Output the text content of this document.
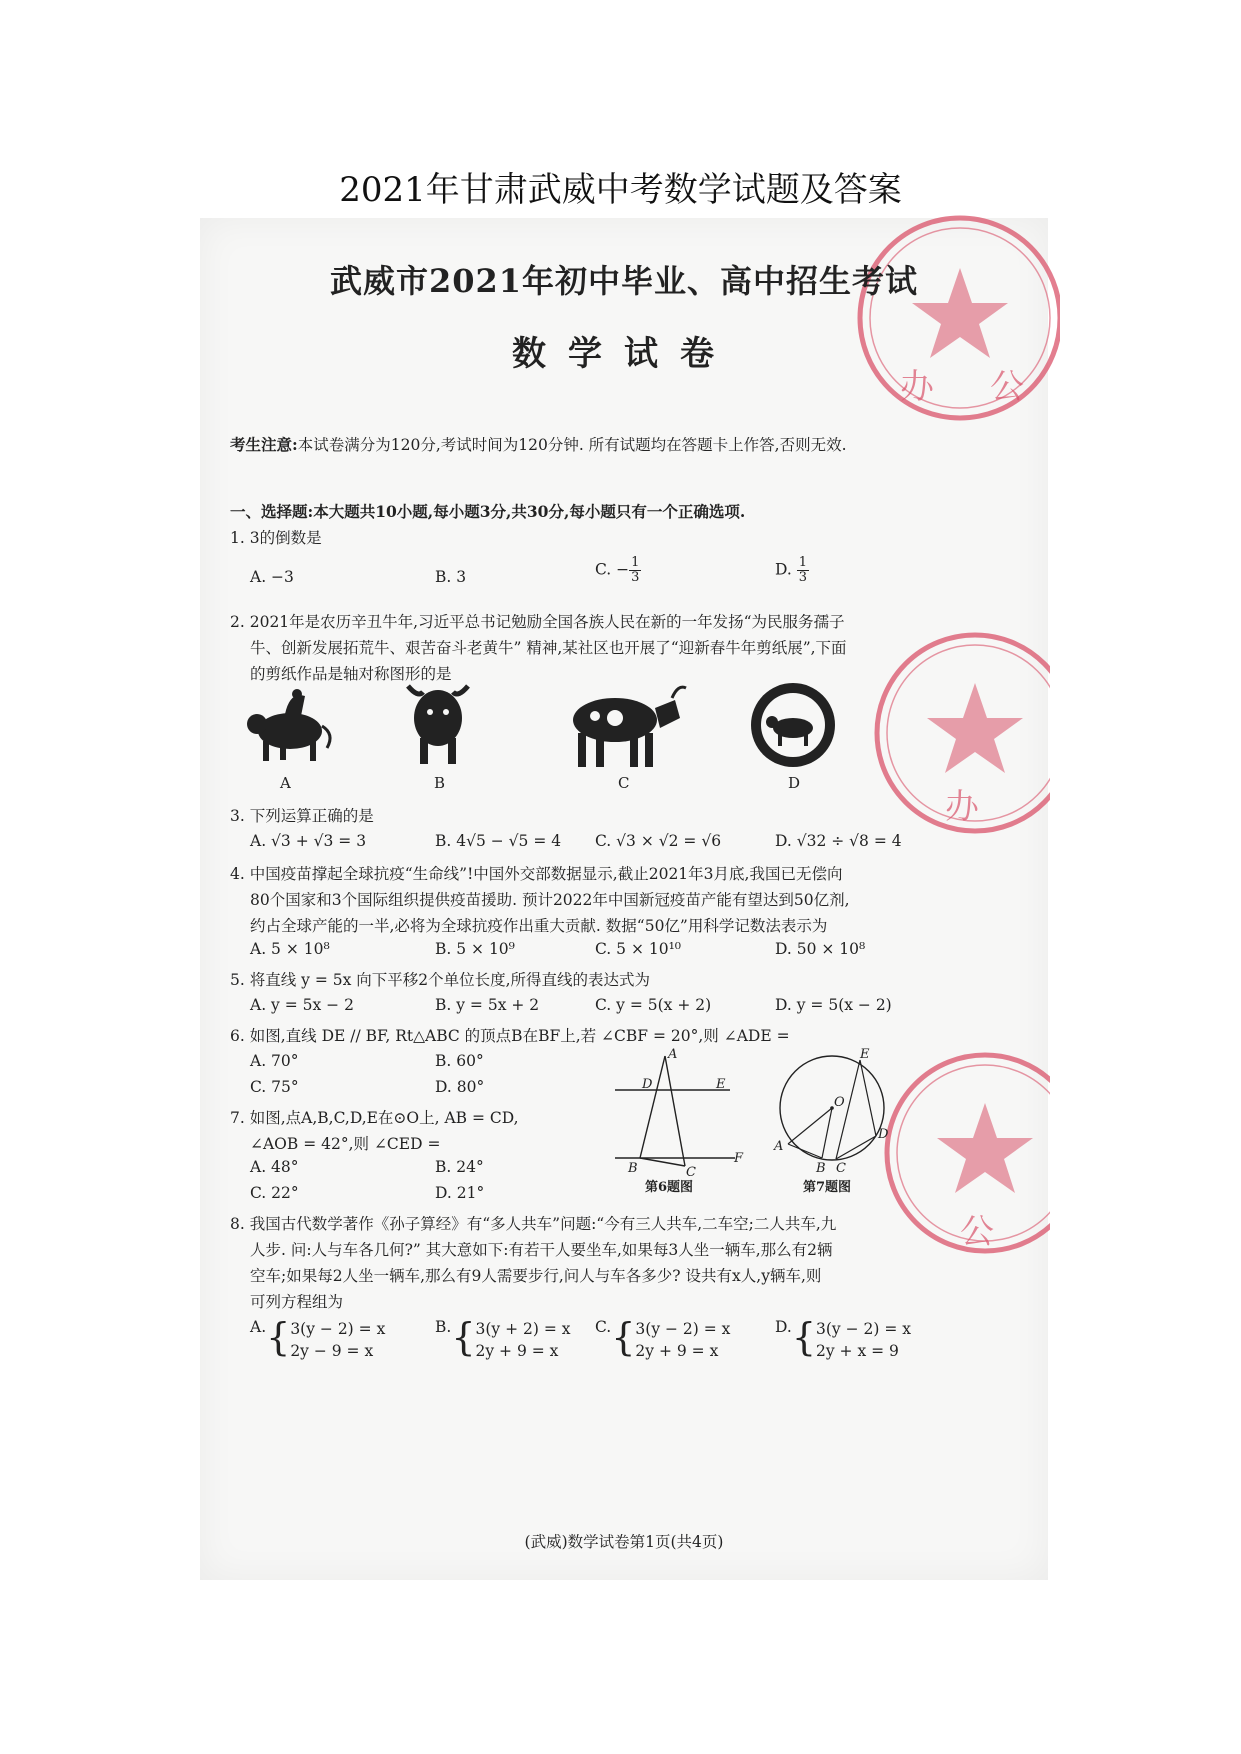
2021年甘肃武威中考数学试题及答案
办 公
办
公
武威市2021年初中毕业、高中招生考试
数学试卷
考生注意:本试卷满分为120分,考试时间为120分钟. 所有试题均在答题卡上作答,否则无效.
一、选择题:本大题共10小题,每小题3分,共30分,每小题只有一个正确选项.
1. 3的倒数是
A. −3	B. 3	C. − $\frac{1}{3}$	D. $\frac{1}{3}$
2. 2021年是农历辛丑牛年,习近平总书记勉励全国各族人民在新的一年发扬“为民服务孺子
牛、创新发展拓荒牛、艰苦奋斗老黄牛” 精神,某社区也开展了“迎新春牛年剪纸展”,下面
的剪纸作品是轴对称图形的是
A	B	C	D
3. 下列运算正确的是
A. √3 + √3 = 3	B. 4√5 − √5 = 4 C. √3 × √2 = √6	D. √32 ÷ √8 = 4
4. 中国疫苗撑起全球抗疫“生命线”!中国外交部数据显示,截止2021年3月底,我国已无偿向
80个国家和3个国际组织提供疫苗援助. 预计2022年中国新冠疫苗产能有望达到50亿剂,
约占全球产能的一半,必将为全球抗疫作出重大贡献. 数据“50亿”用科学记数法表示为
A. 5 × 10⁸	B. 5 × 10⁹	C. 5 × 10¹⁰	D. 50 × 10⁸
5. 将直线 y = 5x 向下平移2个单位长度,所得直线的表达式为
A. y = 5x − 2	B. y = 5x + 2	C. y = 5(x + 2)	D. y = 5(x − 2)
6. 如图,直线 DE // BF, Rt△ABC 的顶点B在BF上,若 ∠CBF = 20°,则 ∠ADE =
A. 70°	B. 60°
C. 75°	D. 80°
A
D	E
B	C
F
第6题图
E
O
D
A
B C
第7题图
7. 如图,点A,B,C,D,E在⊙O上, AB = CD,
∠AOB = 42°,则 ∠CED =
A. 48°	B. 24°
C. 22°	D. 21°
8. 我国古代数学著作《孙子算经》有“多人共车”问题:“今有三人共车,二车空;二人共车,九
人步. 问:人与车各几何?” 其大意如下:有若干人要坐车,如果每3人坐一辆车,那么有2辆
空车;如果每2人坐一辆车,那么有9人需要步行,问人与车各多少? 设共有x人,y辆车,则
可列方程组为
A.{3(y − 2) = x
2y − 9 = x
B.{3(y + 2) = x
2y + 9 = x
C.{3(y − 2) = x
2y + 9 = x
D.{3(y − 2) = x
2y + x = 9
(武威)数学试卷第1页(共4页)
